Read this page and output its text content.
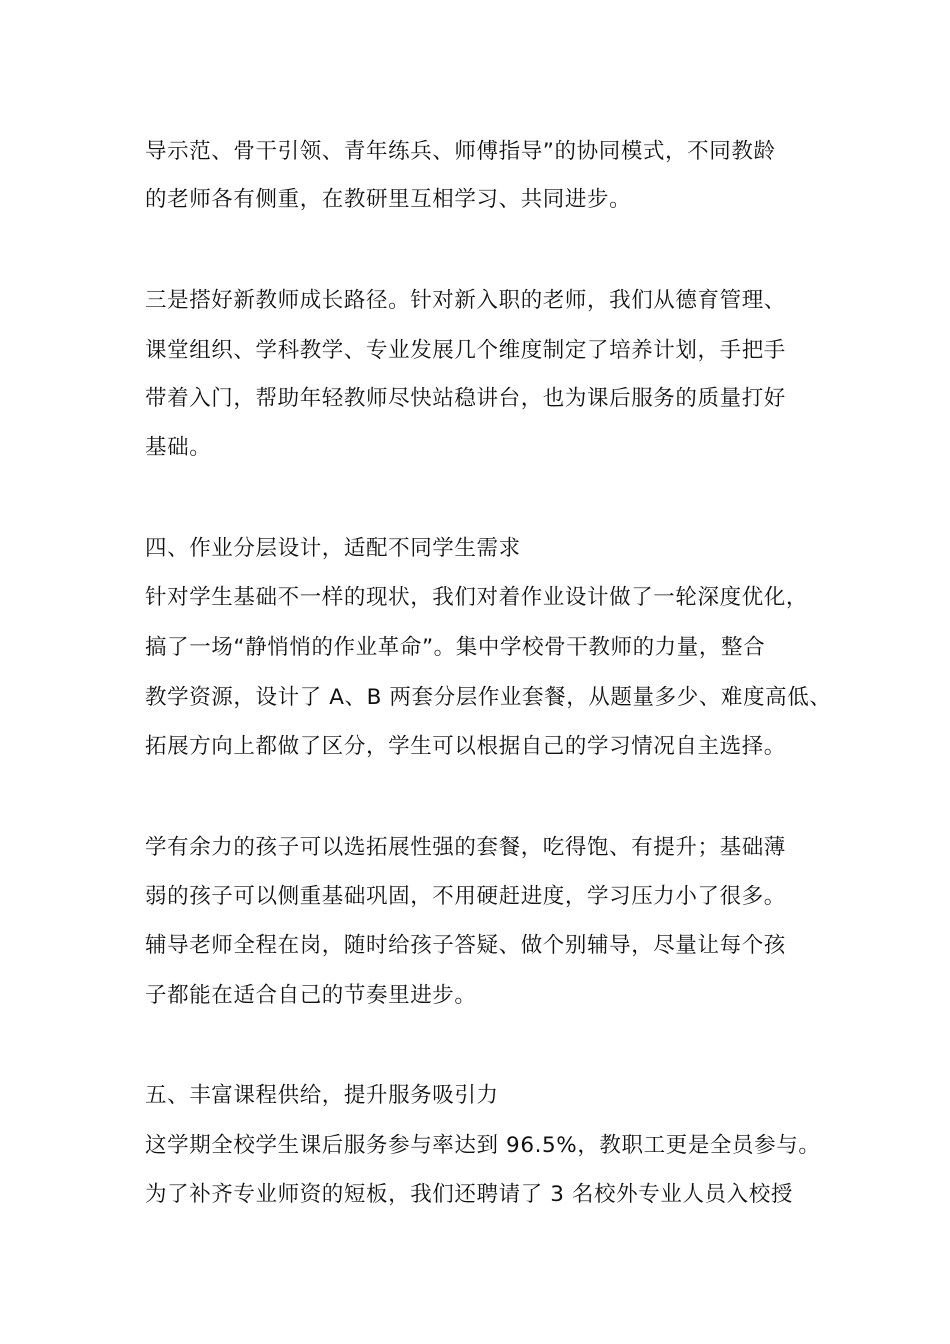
导示范、骨干引领、青年练兵、师傅指导”的协同模式，不同教龄
的老师各有侧重，在教研里互相学习、共同进步。
三是搭好新教师成长路径。针对新入职的老师，我们从德育管理、
课堂组织、学科教学、专业发展几个维度制定了培养计划，手把手
带着入门，帮助年轻教师尽快站稳讲台，也为课后服务的质量打好
基础。
四、作业分层设计，适配不同学生需求
针对学生基础不一样的现状，我们对着作业设计做了一轮深度优化，
搞了一场“静悄悄的作业革命”。集中学校骨干教师的力量，整合
教学资源，设计了 A、B 两套分层作业套餐，从题量多少、难度高低、
拓展方向上都做了区分，学生可以根据自己的学习情况自主选择。
学有余力的孩子可以选拓展性强的套餐，吃得饱、有提升；基础薄
弱的孩子可以侧重基础巩固，不用硬赶进度，学习压力小了很多。
辅导老师全程在岗，随时给孩子答疑、做个别辅导，尽量让每个孩
子都能在适合自己的节奏里进步。
五、丰富课程供给，提升服务吸引力
这学期全校学生课后服务参与率达到 96.5%，教职工更是全员参与。
为了补齐专业师资的短板，我们还聘请了 3 名校外专业人员入校授
